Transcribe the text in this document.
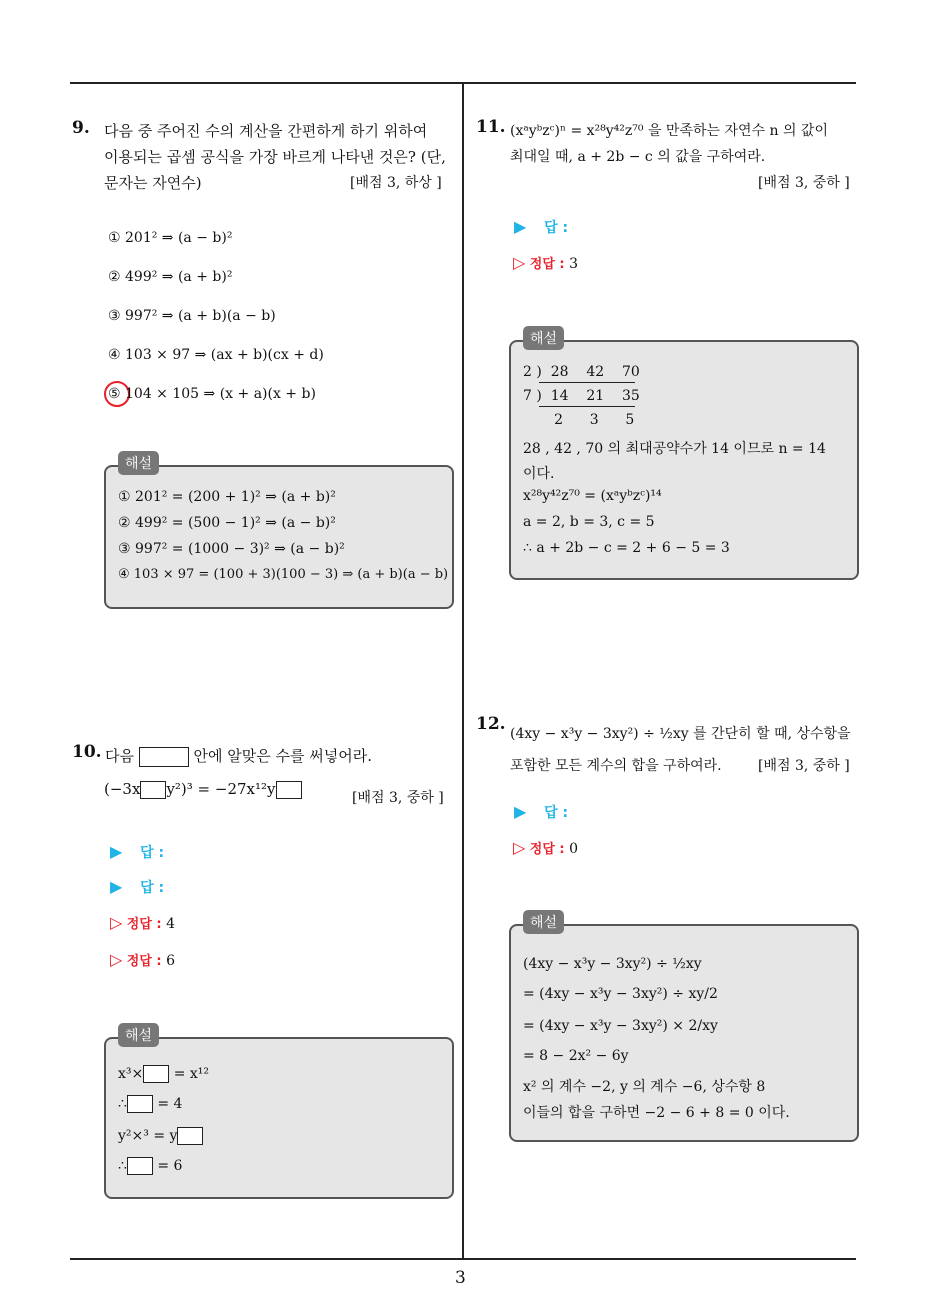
3
9. 다음 중 주어진 수의 계산을 간편하게 하기 위하여
이용되는 곱셈 공식을 가장 바르게 나타낸 것은? (단,
문자는 자연수)	[배점 3, 하상 ]
① 201² ⇒ (a − b)²
② 499² ⇒ (a + b)²
③ 997² ⇒ (a + b)(a − b)
④ 103 × 97 ⇒ (ax + b)(cx + d)
⑤ 104 × 105 ⇒ (x + a)(x + b)
해설
① 201² = (200 + 1)² ⇒ (a + b)²
② 499² = (500 − 1)² ⇒ (a − b)²
③ 997² = (1000 − 3)² ⇒ (a − b)²
④ 103 × 97 = (100 + 3)(100 − 3) ⇒ (a + b)(a − b)
10. 다음	안에 알맞은 수를 써넣어라.
(−3x y²)³ = −27x¹²y	[배점 3, 중하 ]
▶ 답 :
▶ 답 :
▷ 정답 : 4
▷ 정답 : 6
해설
x³× = x¹²
∴ = 4
y²×³ = y
∴ = 6
11. (xᵃyᵇzᶜ)ⁿ = x²⁸y⁴²z⁷⁰ 을 만족하는 자연수 n 의 값이
최대일 때, a + 2b − c 의 값을 구하여라.
[배점 3, 중하 ]
▶ 답 :
▷ 정답 : 3
해설
2 )  28    42    70
7 )  14    21    35
2      3      5
28 , 42 , 70 의 최대공약수가 14 이므로 n = 14
이다.
x²⁸y⁴²z⁷⁰ = (xᵃyᵇzᶜ)¹⁴
a = 2, b = 3, c = 5
∴ a + 2b − c = 2 + 6 − 5 = 3
12. (4xy − x³y − 3xy²) ÷ ½xy 를 간단히 할 때, 상수항을
포함한 모든 계수의 합을 구하여라.	[배점 3, 중하 ]
▶ 답 :
▷ 정답 : 0
해설
(4xy − x³y − 3xy²) ÷ ½xy
= (4xy − x³y − 3xy²) ÷ xy/2
= (4xy − x³y − 3xy²) × 2/xy
= 8 − 2x² − 6y
x² 의 계수 −2, y 의 계수 −6, 상수항 8
이들의 합을 구하면 −2 − 6 + 8 = 0 이다.
